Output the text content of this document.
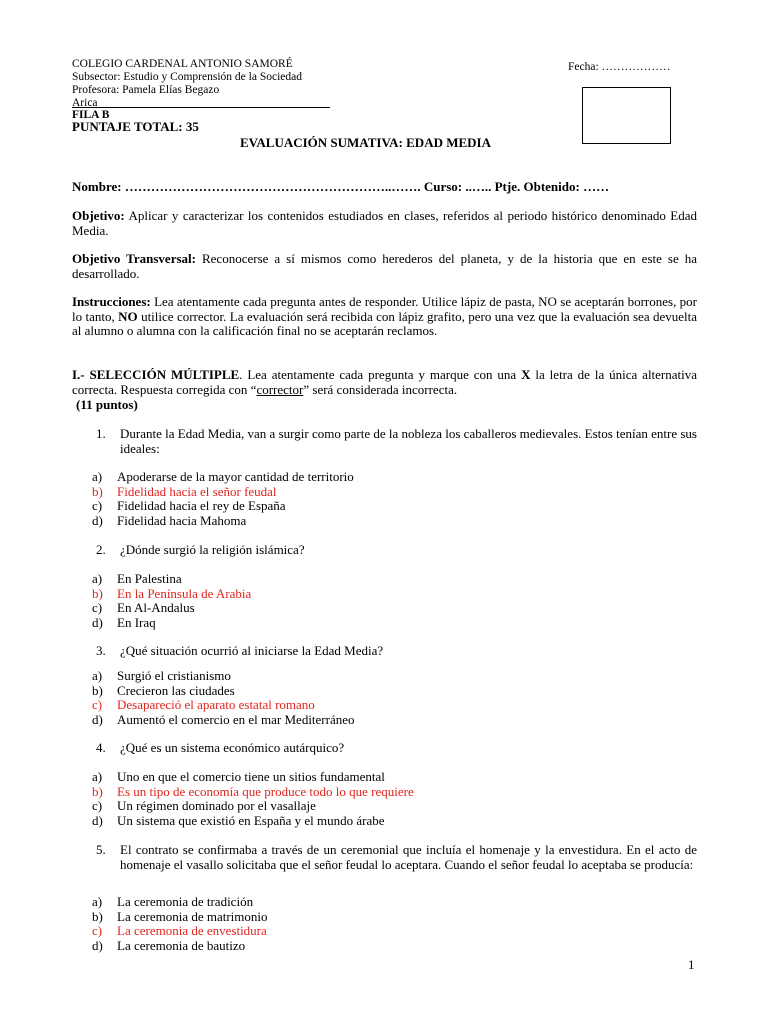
COLEGIO CARDENAL ANTONIO SAMORÉ
Subsector: Estudio y Comprensión de la Sociedad
Profesora: Pamela Elías Begazo
Arica
FILA B
Fecha: ………………
PUNTAJE TOTAL: 35
EVALUACIÓN SUMATIVA: EDAD MEDIA
Nombre: ……………………………………………………..……. Curso: ..….. Ptje. Obtenido: ……
Objetivo: Aplicar y caracterizar los contenidos estudiados en clases, referidos al periodo histórico denominado Edad Media.
Objetivo Transversal: Reconocerse a sí mismos como herederos del planeta, y de la historia que en este se ha desarrollado.
Instrucciones: Lea atentamente cada pregunta antes de responder. Utilice lápiz de pasta, NO se aceptarán borrones, por lo tanto, NO utilice corrector. La evaluación será recibida con lápiz grafito, pero una vez que la evaluación sea devuelta al alumno o alumna con la calificación final no se aceptarán reclamos.
I.- SELECCIÓN MÚLTIPLE. Lea atentamente cada pregunta y marque con una X la letra de la única alternativa correcta. Respuesta corregida con “corrector” será considerada incorrecta.
(11 puntos)
1.	Durante la Edad Media, van a surgir como parte de la nobleza los caballeros medievales. Estos tenían entre sus ideales:
a) Apoderarse de la mayor cantidad de territorio
b) Fidelidad hacia el señor feudal
c) Fidelidad hacia el rey de España
d) Fidelidad hacia Mahoma
2.	¿Dónde surgió la religión islámica?
a) En Palestina
b) En la Península de Arabia
c) En Al-Andalus
d) En Iraq
3.	¿Qué situación ocurrió al iniciarse la Edad Media?
a) Surgió el cristianismo
b) Crecieron las ciudades
c) Desapareció el aparato estatal romano
d) Aumentó el comercio en el mar Mediterráneo
4.	¿Qué es un sistema económico autárquico?
a) Uno en que el comercio tiene un sitios fundamental
b) Es un tipo de economía que produce todo lo que requiere
c) Un régimen dominado por el vasallaje
d) Un sistema que existió en España y el mundo árabe
5.	El contrato se confirmaba a través de un ceremonial que incluía el homenaje y la envestidura. En el acto de homenaje el vasallo solicitaba que el señor feudal lo aceptara. Cuando el señor feudal lo aceptaba se producía:
a) La ceremonia de tradición
b) La ceremonia de matrimonio
c) La ceremonia de envestidura
d) La ceremonia de bautizo
1
